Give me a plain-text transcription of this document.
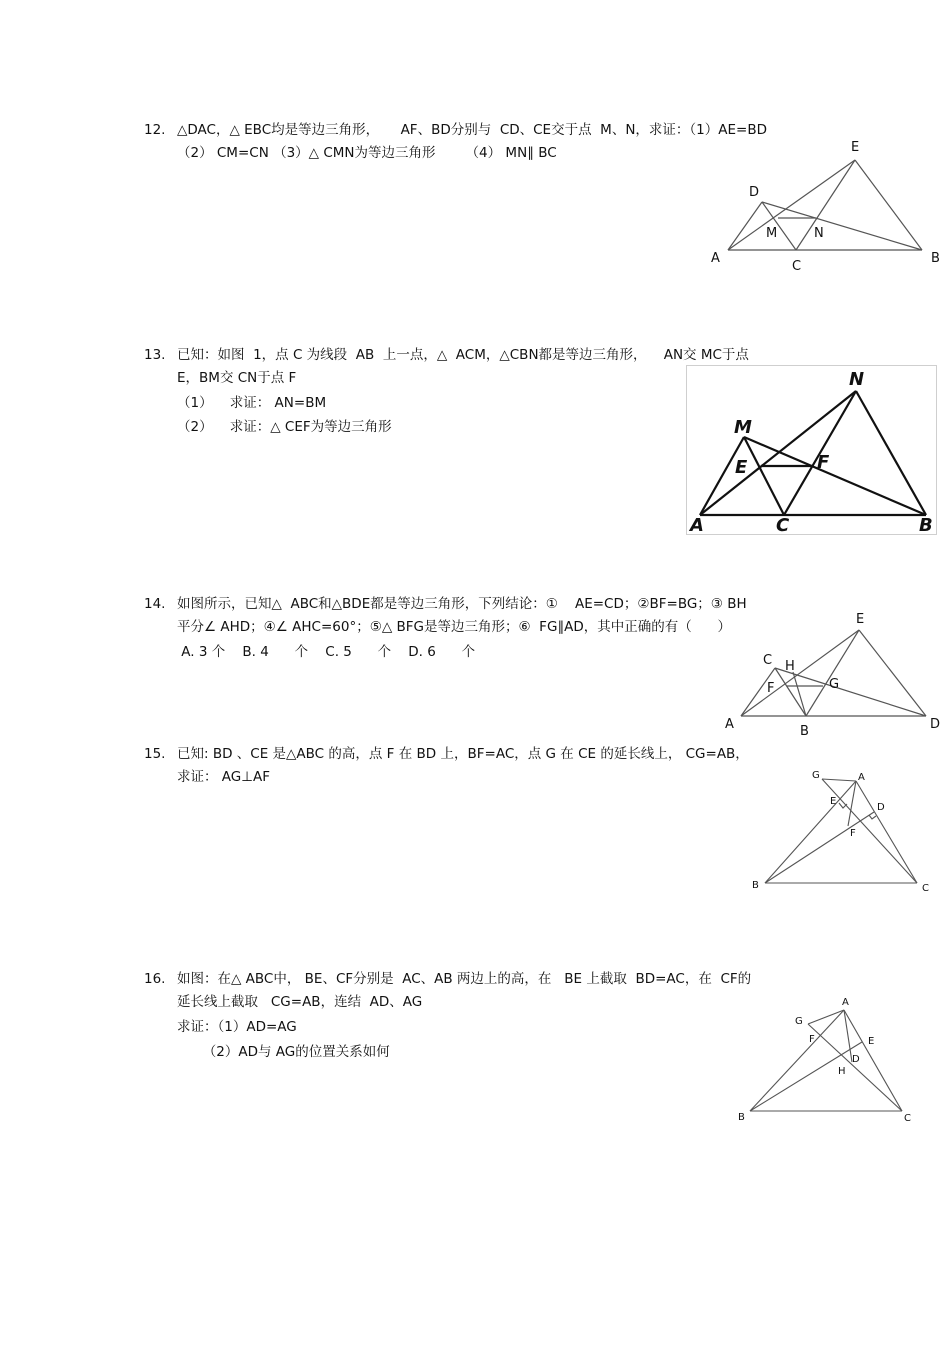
12. △DAC，△ EBC均是等边三角形，     AF、BD分别与  CD、CE交于点  M、N，求证：（1）AE=BD
（2） CM=CN （3）△ CMN为等边三角形       （4） MN∥ BC	E
D
M	N
A
C
B
13. 已知：如图  1，点 C 为线段  AB  上一点，△  ACM，△CBN都是等边三角形，    AN交 MC于点
E，BM交 CN于点 F
（1）    求证： AN=BM
（2）    求证：△ CEF为等边三角形
N
M
E	F
A	C	B
14. 如图所示，已知△  ABC和△BDE都是等边三角形，下列结论：①    AE=CD；②BF=BG；③ BH
平分∠ AHD；④∠ AHC=60°；⑤△ BFG是等边三角形；⑥  FG∥AD，其中正确的有（      ）
A. 3 个    B. 4      个    C. 5      个    D. 6      个
E
C H
F	G
A	B	D
15. 已知: BD 、CE 是△ABC 的高，点 F 在 BD 上，BF=AC，点 G 在 CE 的延长线上， CG=AB，
求证： AG⊥AF	G	A
E
D
F
B	C
16. 如图：在△ ABC中， BE、CF分别是  AC、AB 两边上的高，在   BE 上截取  BD=AC，在  CF的
延长线上截取   CG=AB，连结  AD、AG
求证：（1）AD=AG
（2）AD与 AG的位置关系如何
A
G
F	E
D
H
B	C
